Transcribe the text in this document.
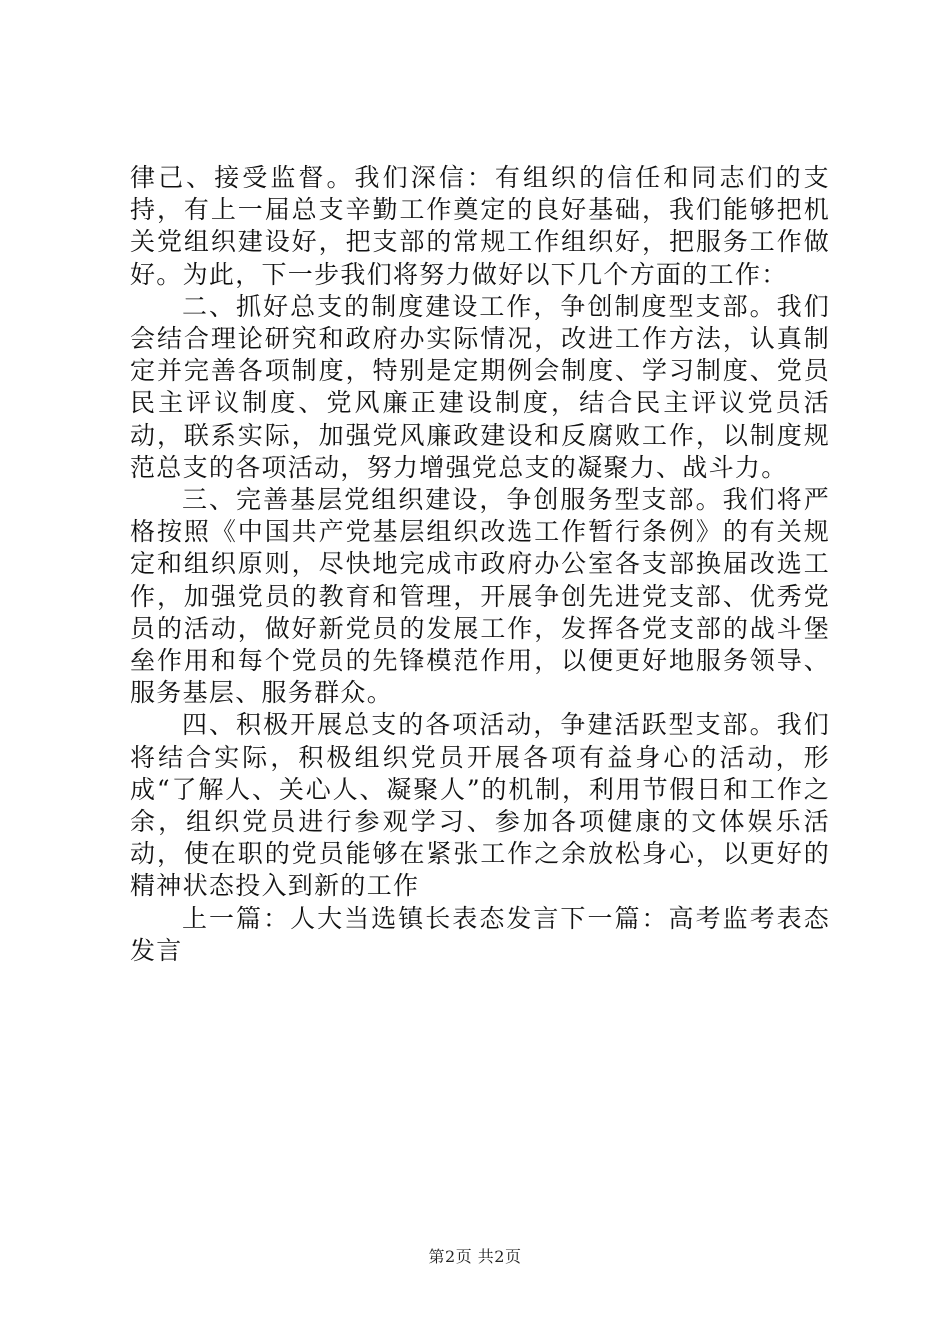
律己、接受监督。我们深信：有组织的信任和同志们的支持，有上一届总支辛勤工作奠定的良好基础，我们能够把机关党组织建设好，把支部的常规工作组织好，把服务工作做好。为此，下一步我们将努力做好以下几个方面的工作：

二、抓好总支的制度建设工作，争创制度型支部。我们会结合理论研究和政府办实际情况，改进工作方法，认真制定并完善各项制度，特别是定期例会制度、学习制度、党员民主评议制度、党风廉正建设制度，结合民主评议党员活动，联系实际，加强党风廉政建设和反腐败工作，以制度规范总支的各项活动，努力增强党总支的凝聚力、战斗力。

三、完善基层党组织建设，争创服务型支部。我们将严格按照《中国共产党基层组织改选工作暂行条例》的有关规定和组织原则，尽快地完成市政府办公室各支部换届改选工作，加强党员的教育和管理，开展争创先进党支部、优秀党员的活动，做好新党员的发展工作，发挥各党支部的战斗堡垒作用和每个党员的先锋模范作用，以便更好地服务领导、服务基层、服务群众。

四、积极开展总支的各项活动，争建活跃型支部。我们将结合实际，积极组织党员开展各项有益身心的活动，形成“了解人、关心人、凝聚人”的机制，利用节假日和工作之余，组织党员进行参观学习、参加各项健康的文体娱乐活动，使在职的党员能够在紧张工作之余放松身心，以更好的精神状态投入到新的工作

上一篇：人大当选镇长表态发言下一篇：高考监考表态发言

第2页 共2页
